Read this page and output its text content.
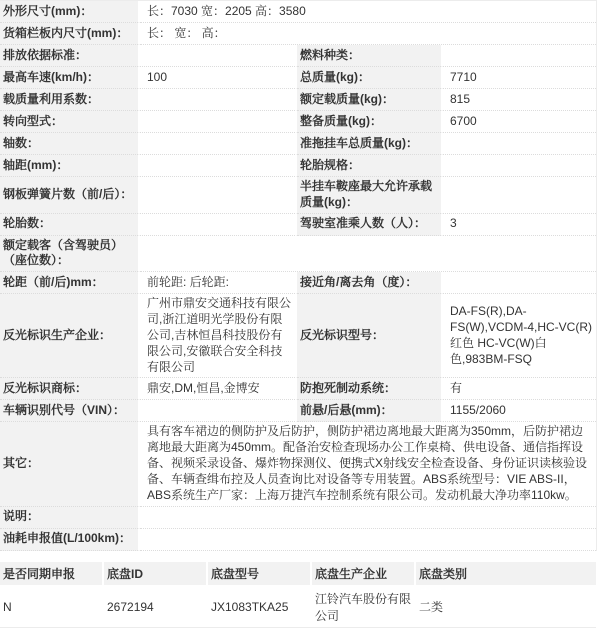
外形尺寸(mm)：	长：7030 宽：2205 高：3580		
货箱栏板内尺寸(mm)：	长： 宽： 高：		
排放依据标准：		燃料种类：	
最高车速(km/h)：	100	总质量(kg)：	7710
载质量利用系数：		额定载质量(kg)：	815
转向型式：		整备质量(kg)：	6700
轴数：		准拖挂车总质量(kg)：	
轴距(mm)：		轮胎规格：	
钢板弹簧片数（前/后）：		半挂车鞍座最大允许承载质量(kg)：	
轮胎数：		驾驶室准乘人数（人）：	3
额定载客（含驾驶员）（座位数）：			
轮距（前/后)mm：	前轮距: 后轮距:	接近角/离去角（度）：	
反光标识生产企业：	广州市鼎安交通科技有限公司,浙江道明光学股份有限公司,吉林恒昌科技股份有限公司,安徽联合安全科技有限公司	反光标识型号：	DA-FS(R),DA-FS(W),VCDM-4,HC-VC(R)红色 HC-VC(W)白色,983BM-FSQ
反光标识商标：	鼎安,DM,恒昌,金博安	防抱死制动系统：	有
车辆识别代号（VIN）：		前悬/后悬(mm)：	1155/2060
其它：	具有客车裙边的侧防护及后防护，侧防护裙边离地最大距离为350mm，后防护裙边离地最大距离为450mm。配备治安检查现场办公工作桌椅、供电设备、通信指挥设备、视频采录设备、爆炸物探测仪、便携式X射线安全检查设备、身份证识读核验设备、车辆查缉布控及人员查询比对设备等专用装置。ABS系统型号：VIE ABS-II，ABS系统生产厂家：上海万捷汽车控制系统有限公司。发动机最大净功率110kw。		
说明：			
油耗申报值(L/100km)：			
是否同期申报	底盘ID	底盘型号	底盘生产企业	底盘类别
N	2672194	JX1083TKA25	江铃汽车股份有限公司	二类
